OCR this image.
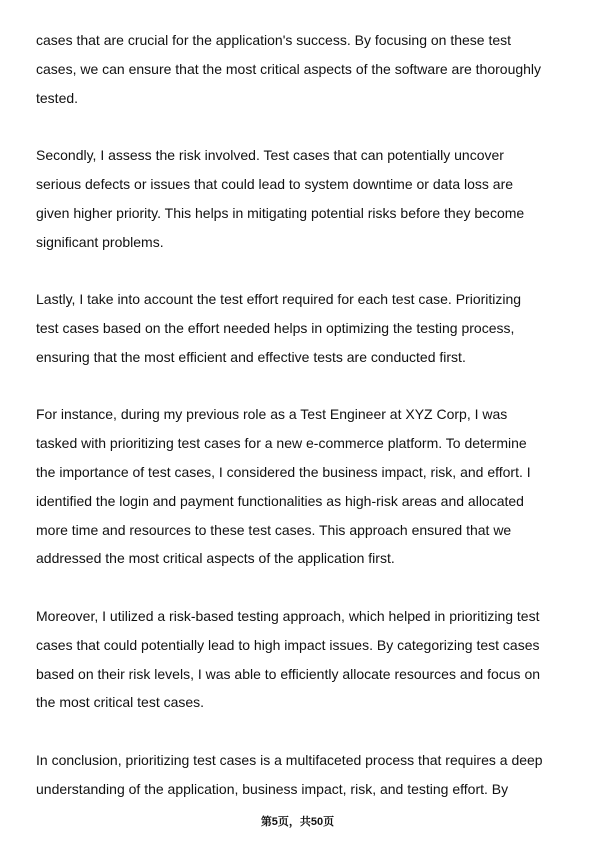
cases that are crucial for the application's success. By focusing on these test
cases, we can ensure that the most critical aspects of the software are thoroughly
tested.

Secondly, I assess the risk involved. Test cases that can potentially uncover
serious defects or issues that could lead to system downtime or data loss are
given higher priority. This helps in mitigating potential risks before they become
significant problems.

Lastly, I take into account the test effort required for each test case. Prioritizing
test cases based on the effort needed helps in optimizing the testing process,
ensuring that the most efficient and effective tests are conducted first.

For instance, during my previous role as a Test Engineer at XYZ Corp, I was
tasked with prioritizing test cases for a new e-commerce platform. To determine
the importance of test cases, I considered the business impact, risk, and effort. I
identified the login and payment functionalities as high-risk areas and allocated
more time and resources to these test cases. This approach ensured that we
addressed the most critical aspects of the application first.

Moreover, I utilized a risk-based testing approach, which helped in prioritizing test
cases that could potentially lead to high impact issues. By categorizing test cases
based on their risk levels, I was able to efficiently allocate resources and focus on
the most critical test cases.

In conclusion, prioritizing test cases is a multifaceted process that requires a deep
understanding of the application, business impact, risk, and testing effort. By

第5页，共50页
